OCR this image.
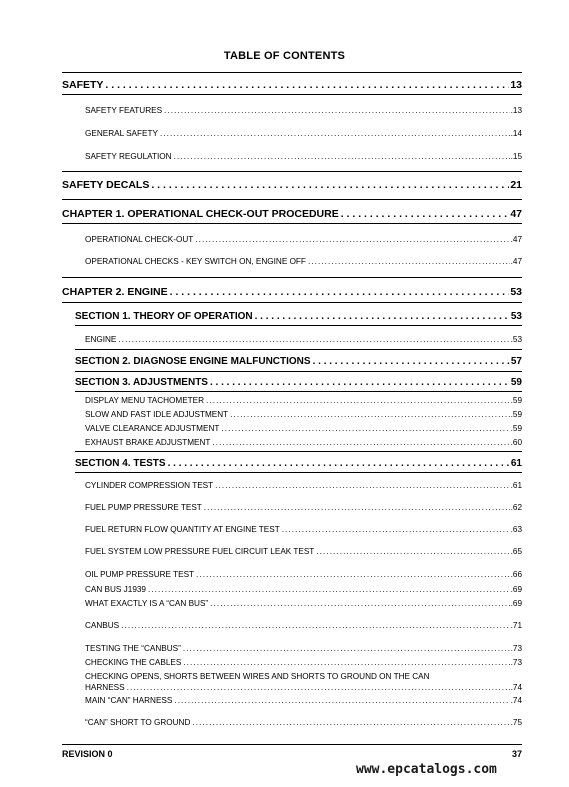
TABLE OF CONTENTS
SAFETY . . .	13
SAFETY FEATURES . . .	.13
GENERAL SAFETY . . .	.14
SAFETY REGULATION . . .	.15
SAFETY DECALS . . .	21
CHAPTER 1. OPERATIONAL CHECK-OUT PROCEDURE . . .	47
OPERATIONAL CHECK-OUT . . .	.47
OPERATIONAL CHECKS - KEY SWITCH ON, ENGINE OFF . . .	.47
CHAPTER 2. ENGINE . . .	53
SECTION 1. THEORY OF OPERATION . . .	53
ENGINE . . .	.53
SECTION 2. DIAGNOSE ENGINE MALFUNCTIONS . . .	57
SECTION 3. ADJUSTMENTS . . .	59
DISPLAY MENU TACHOMETER . . .	.59
SLOW AND FAST IDLE ADJUSTMENT . . .	.59
VALVE CLEARANCE ADJUSTMENT . . .	.59
EXHAUST BRAKE ADJUSTMENT . . .	.60
SECTION 4. TESTS . . .	61
CYLINDER COMPRESSION TEST . . .	.61
FUEL PUMP PRESSURE TEST . . .	.62
FUEL RETURN FLOW QUANTITY AT ENGINE TEST . . .	.63
FUEL SYSTEM LOW PRESSURE FUEL CIRCUIT LEAK TEST . . .	.65
OIL PUMP PRESSURE TEST . . .	.66
CAN BUS J1939 . . .	.69
WHAT EXACTLY IS A “CAN BUS” . . .	.69
CANBUS . . .	.71
TESTING THE “CANBUS” . . .	.73
CHECKING THE CABLES . . .	.73
CHECKING OPENS, SHORTS BETWEEN WIRES AND SHORTS TO GROUND ON THE CAN
HARNESS . . .	.74
MAIN “CAN” HARNESS . . .	.74
“CAN” SHORT TO GROUND . . .	.75
REVISION 0	37
www.epcatalogs.com
